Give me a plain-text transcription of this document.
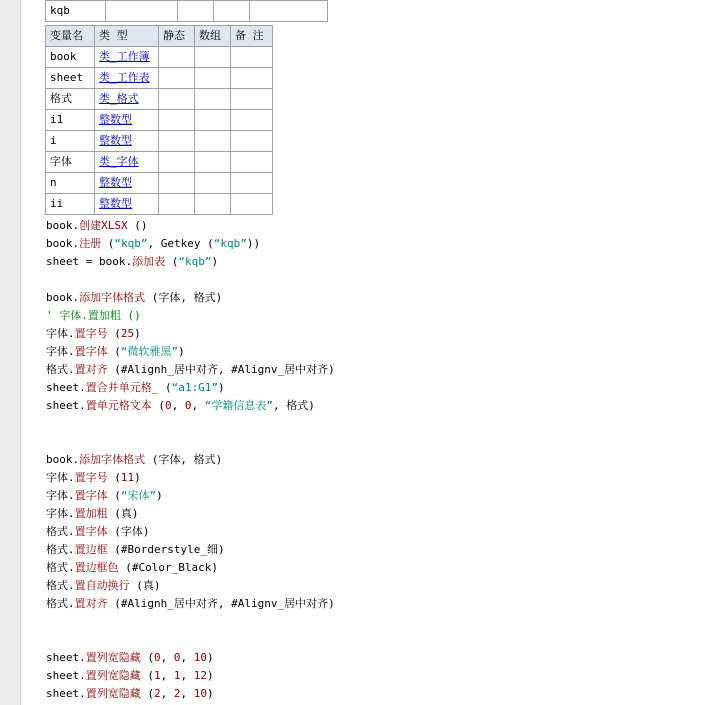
kqb				
变量名	类 型	静态	数组	备 注
book	类_工作簿			
sheet	类_工作表			
格式	类_格式			
i1	整数型			
i	整数型			
字体	类_字体			
n	整数型			
ii	整数型			
book.创建XLSX ()
book.注册 (“kqb”, Getkey (“kqb”))
sheet = book.添加表 (“kqb”)

book.添加字体格式 (字体, 格式)
' 字体.置加粗 ()
字体.置字号 (25)
字体.置字体 (“微软雅黑”)
格式.置对齐 (#Alignh_居中对齐, #Alignv_居中对齐)
sheet.置合并单元格_ (“a1:G1”)
sheet.置单元格文本 (0, 0, “学籍信息表”, 格式)

book.添加字体格式 (字体, 格式)
字体.置字号 (11)
字体.置字体 (“宋体”)
字体.置加粗 (真)
格式.置字体 (字体)
格式.置边框 (#Borderstyle_细)
格式.置边框色 (#Color_Black)
格式.置自动换行 (真)
格式.置对齐 (#Alignh_居中对齐, #Alignv_居中对齐)

sheet.置列宽隐藏 (0, 0, 10)
sheet.置列宽隐藏 (1, 1, 12)
sheet.置列宽隐藏 (2, 2, 10)
